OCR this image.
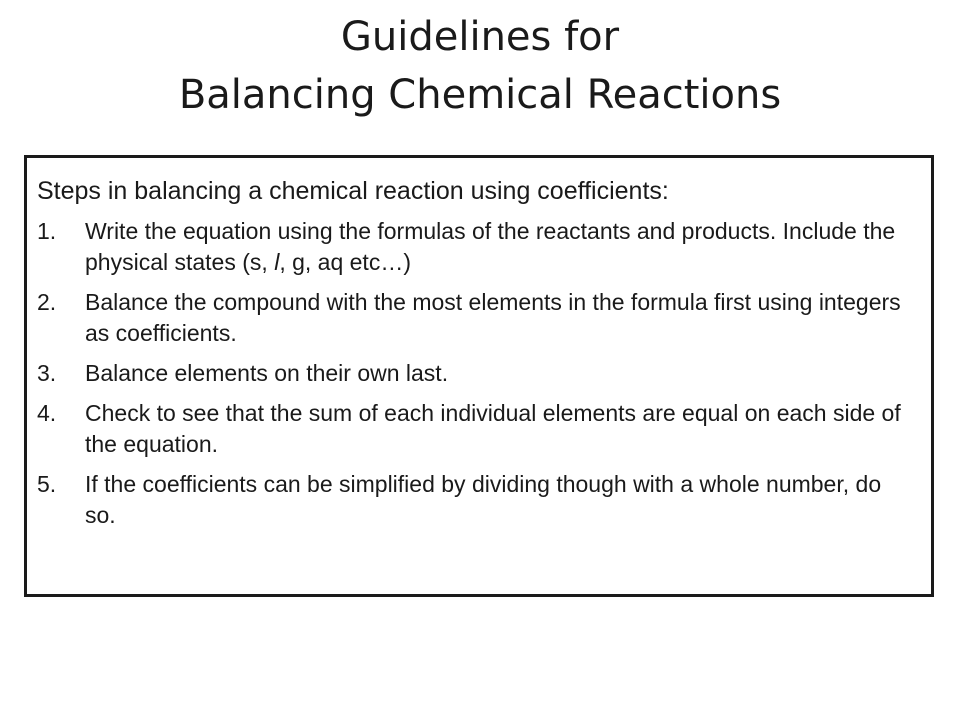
Guidelines for
Balancing Chemical Reactions

Steps in balancing a chemical reaction using coefficients:

1.	Write the equation using the formulas of the reactants and products. Include the physical states (s, l, g, aq etc…)
2.	Balance the compound with the most elements in the formula first using integers as coefficients.
3.	Balance elements on their own last.
4.	Check to see that the sum of each individual elements are equal on each side of the equation.
5.	If the coefficients can be simplified by dividing though with a whole number, do so.
